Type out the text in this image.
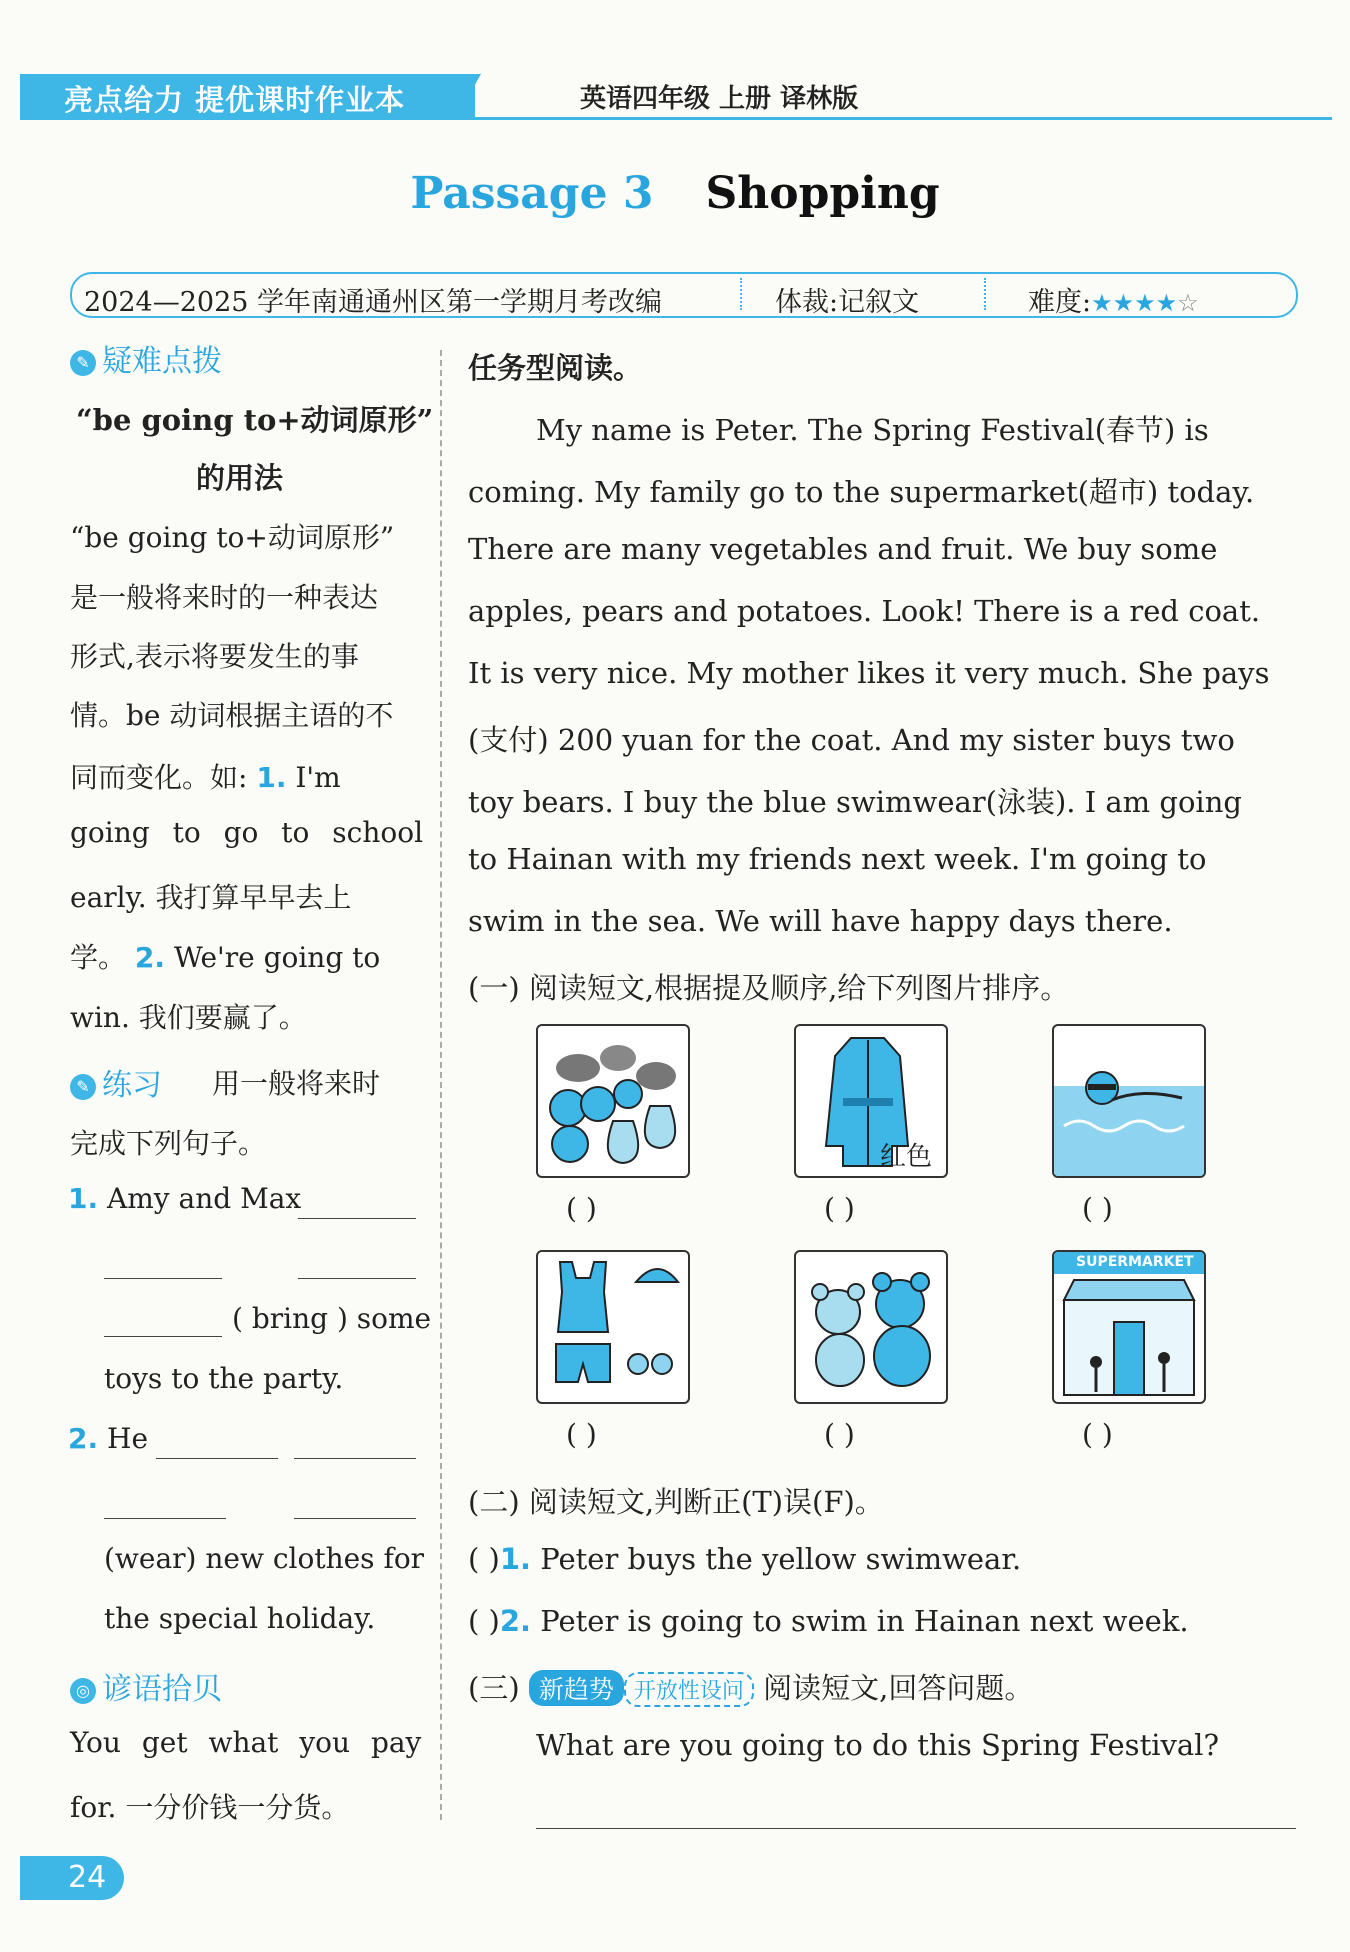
亮点给力 提优课时作业本	英语四年级 上册 译林版
Passage 3 Shopping
2024—2025 学年南通通州区第一学期月考改编	体裁:记叙文	难度:★★★★☆
✎ 疑难点拨
“be going to+动词原形”
的用法
“be going to+动词原形”
是一般将来时的一种表达
形式,表示将要发生的事
情。be 动词根据主语的不
同而变化。如: 1. I'm
going to go to school
early. 我打算早早去上
学。 2. We're going to
win. 我们要赢了。
✎ 练习 用一般将来时
完成下列句子。
1. Amy and Max
( bring ) some
toys to the party.
2. He
(wear) new clothes for
the special holiday.
◎ 谚语拾贝
You get what you pay
for. 一分价钱一分货。
任务型阅读。
My name is Peter. The Spring Festival(春节) is
coming. My family go to the supermarket(超市) today.
There are many vegetables and fruit. We buy some
apples, pears and potatoes. Look! There is a red coat.
It is very nice. My mother likes it very much. She pays
(支付) 200 yuan for the coat. And my sister buys two
toy bears. I buy the blue swimwear(泳装). I am going
to Hainan with my friends next week. I'm going to
swim in the sea. We will have happy days there.
(一) 阅读短文,根据提及顺序,给下列图片排序。
红色
( )	( )	( )
SUPERMARKET
( )	( )	( )
(二) 阅读短文,判断正(T)误(F)。
( )1. Peter buys the yellow swimwear.
( )2. Peter is going to swim in Hainan next week.
(三) 新趋势 开放性设问 阅读短文,回答问题。
What are you going to do this Spring Festival?
24
